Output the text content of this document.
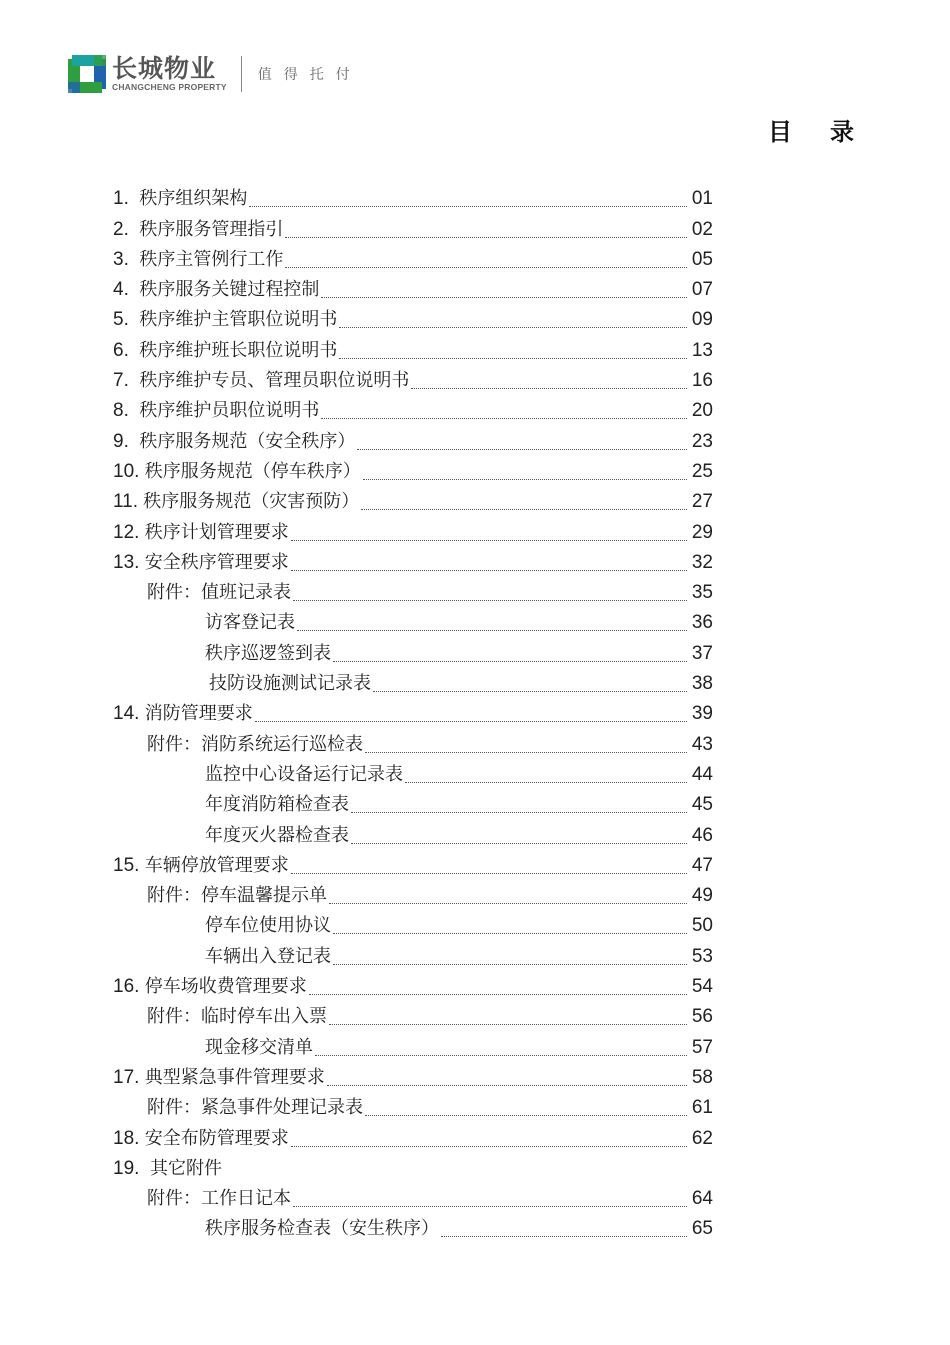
长城物业
CHANGCHENG PROPERTY
值得托付
目录
1. 秩序组织架构	01
2. 秩序服务管理指引	02
3. 秩序主管例行工作	05
4. 秩序服务关键过程控制	07
5. 秩序维护主管职位说明书	09
6. 秩序维护班长职位说明书	13
7. 秩序维护专员、管理员职位说明书	16
8. 秩序维护员职位说明书	20
9. 秩序服务规范（安全秩序）	23
10. 秩序服务规范（停车秩序）	25
11. 秩序服务规范（灾害预防）	27
12. 秩序计划管理要求	29
13. 安全秩序管理要求	32
附件：值班记录表	35
访客登记表	36
秩序巡逻签到表	37
技防设施测试记录表	38
14. 消防管理要求	39
附件：消防系统运行巡检表	43
监控中心设备运行记录表	44
年度消防箱检查表	45
年度灭火器检查表	46
15. 车辆停放管理要求	47
附件：停车温馨提示单	49
停车位使用协议	50
车辆出入登记表	53
16. 停车场收费管理要求	54
附件：临时停车出入票	56
现金移交清单	57
17. 典型紧急事件管理要求	58
附件：紧急事件处理记录表	61
18. 安全布防管理要求	62
19. 其它附件
附件：工作日记本	64
秩序服务检查表（安生秩序）	65
